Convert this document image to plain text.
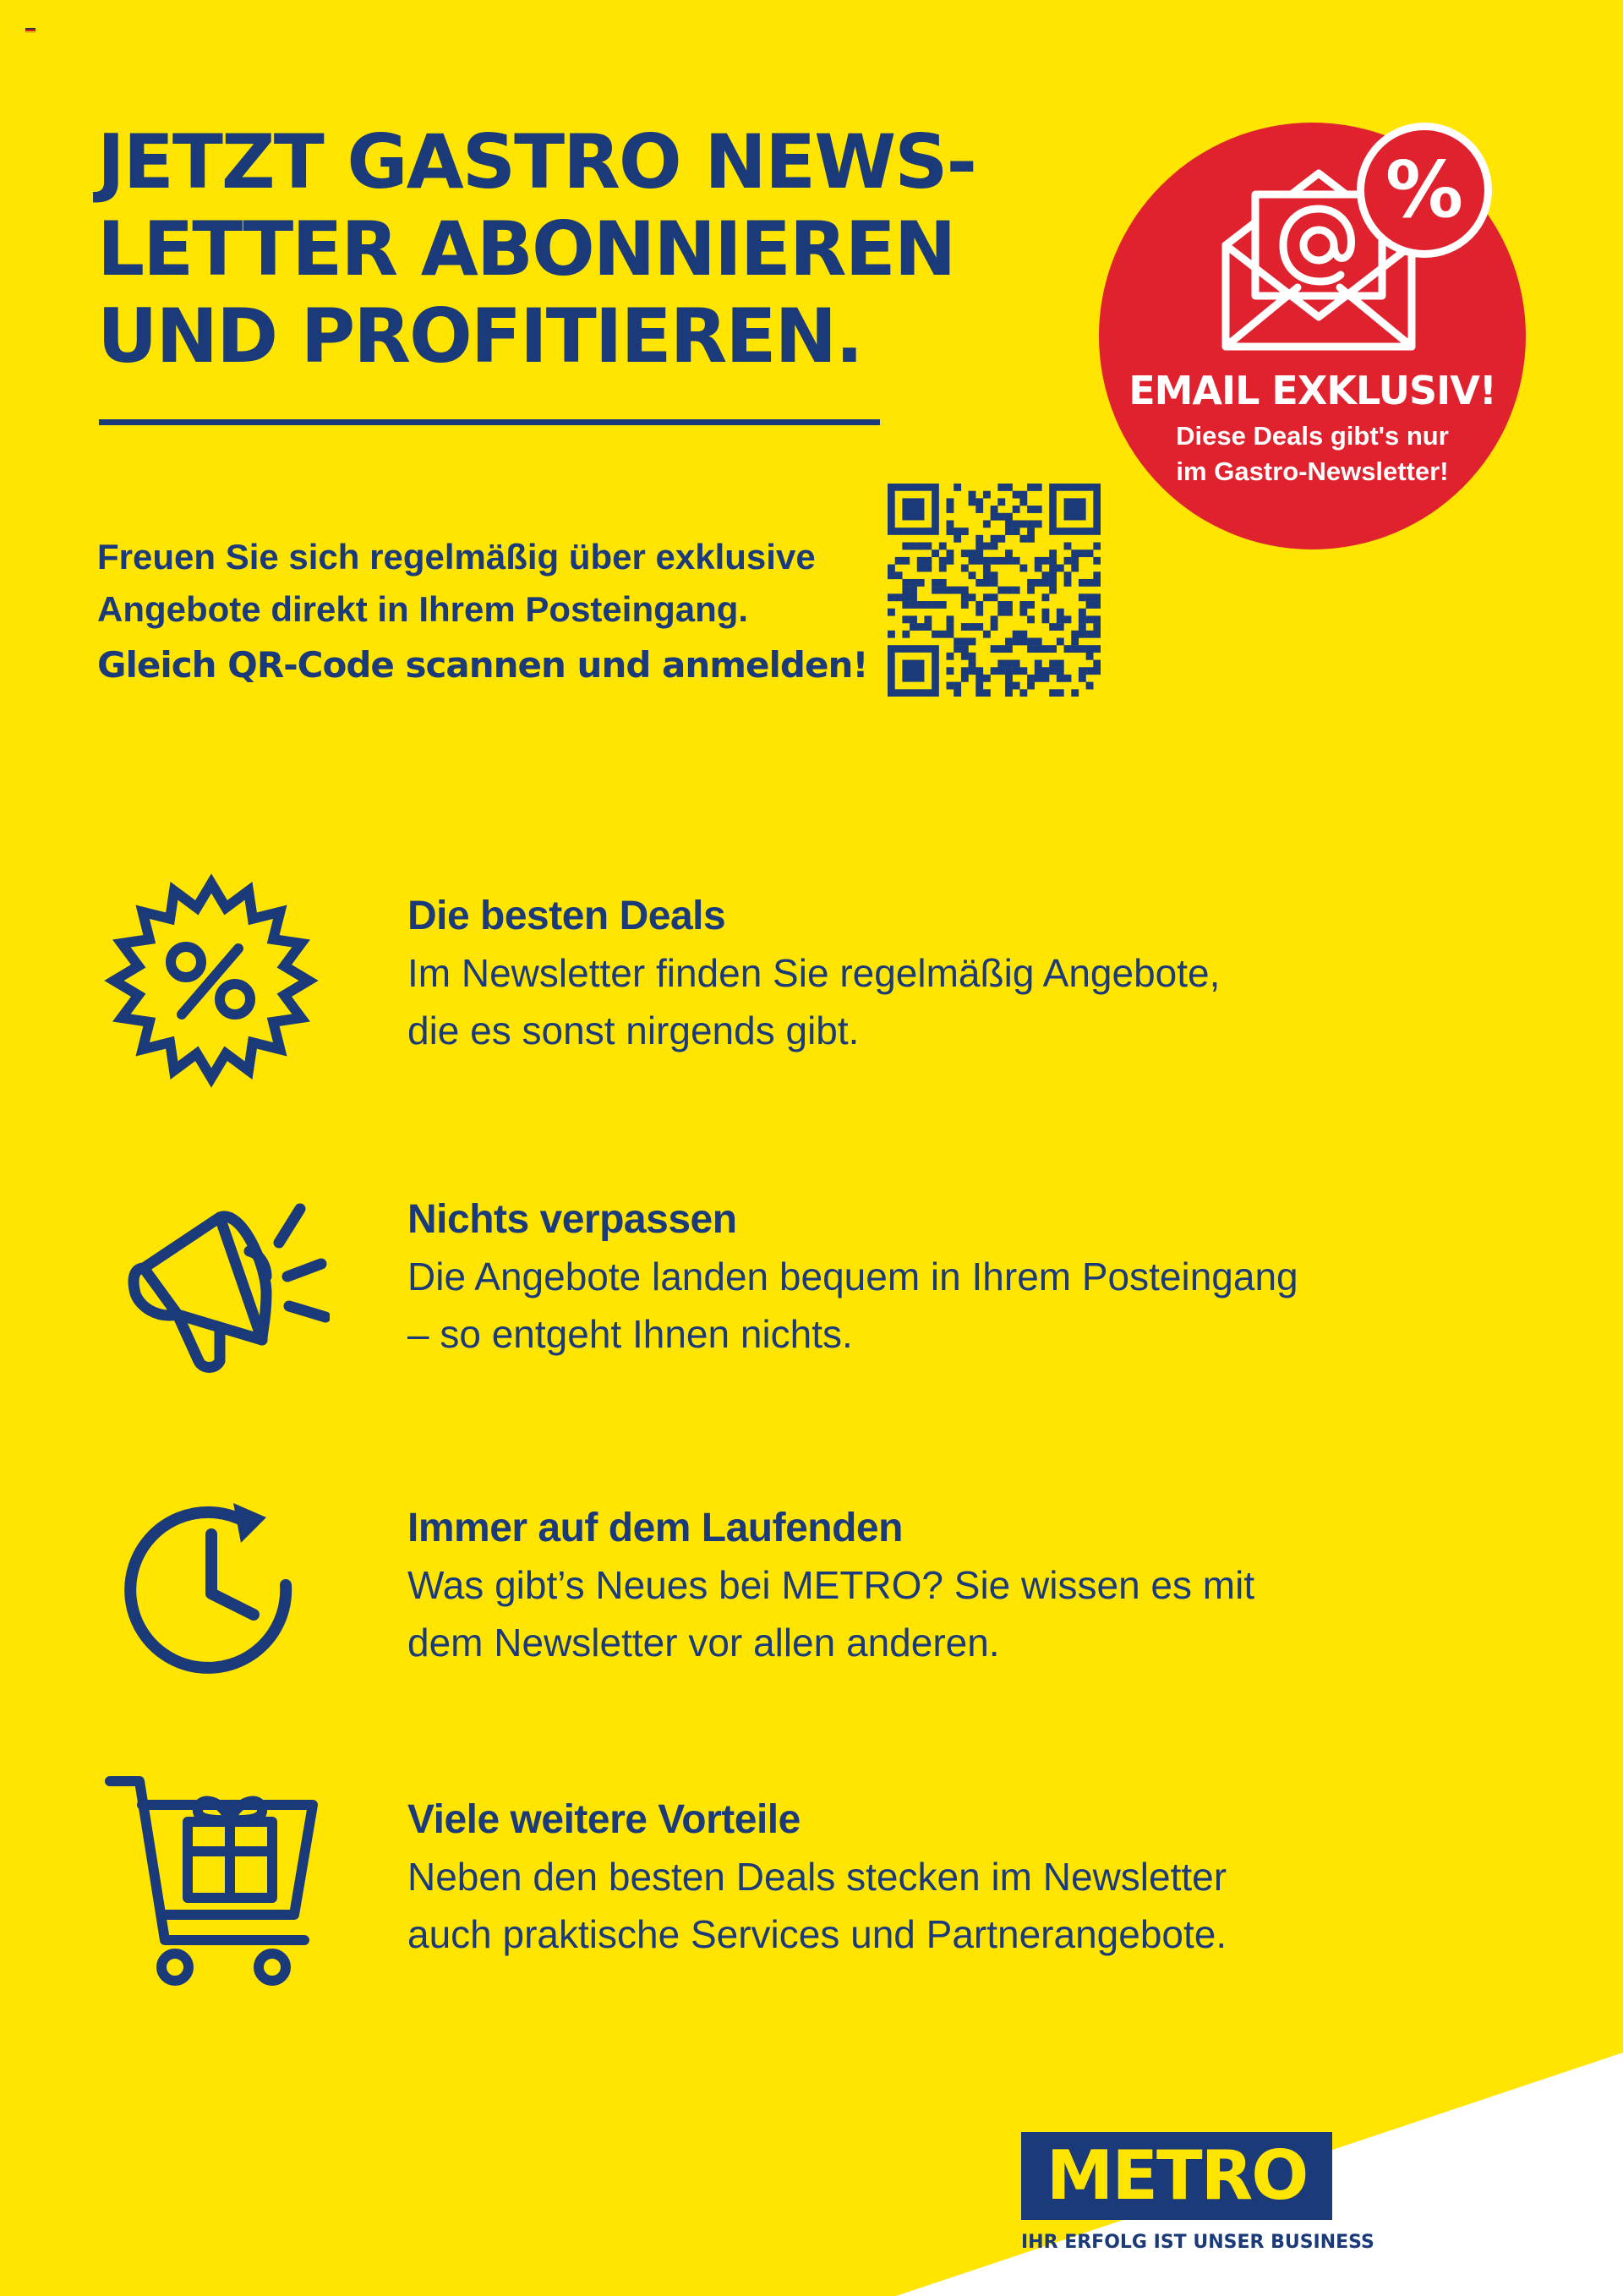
JETZT GASTRO NEWS-
LETTER ABONNIEREN
UND PROFITIEREN.
%
EMAIL EXKLUSIV!
Diese Deals gibt's nur
im Gastro-Newsletter!

Freuen Sie sich regelmäßig über exklusive
Angebote direkt in Ihrem Posteingang.

Gleich QR-Code scannen und anmelden!

Die besten Deals

Im Newsletter finden Sie regelmäßig Angebote,
die es sonst nirgends gibt.

Nichts verpassen

Die Angebote landen bequem in Ihrem Posteingang
– so entgeht Ihnen nichts.

Immer auf dem Laufenden

Was gibt’s Neues bei METRO? Sie wissen es mit
dem Newsletter vor allen anderen.

Viele weitere Vorteile

Neben den besten Deals stecken im Newsletter
auch praktische Services und Partnerangebote.

METRO
IHR ERFOLG IST UNSER BUSINESS
